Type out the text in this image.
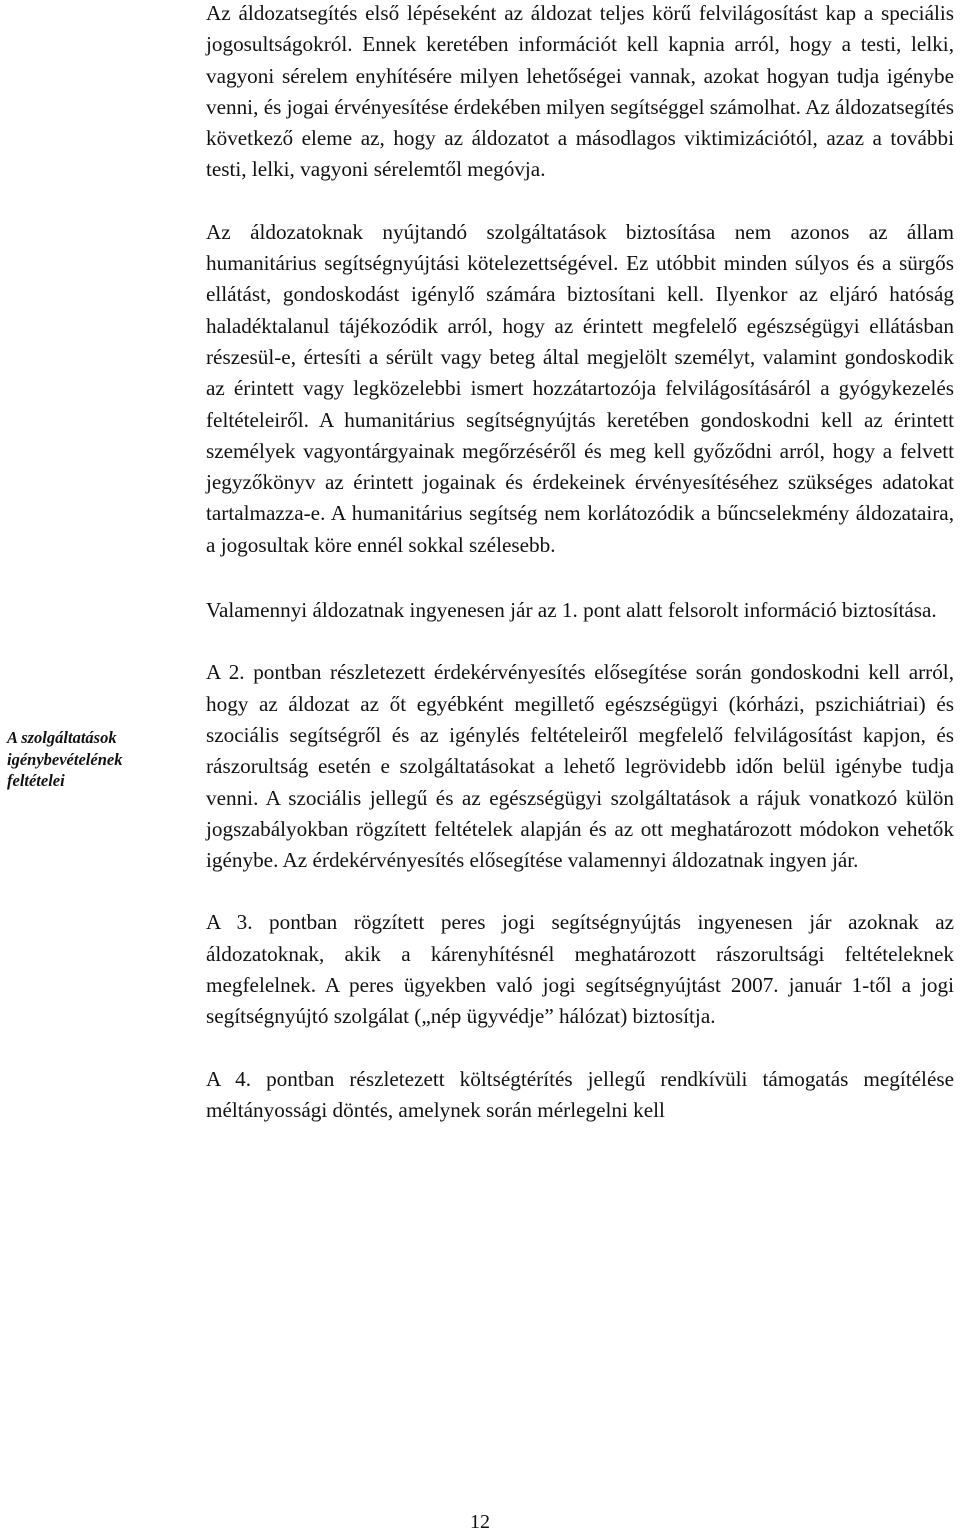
Az áldozatsegítés első lépéseként az áldozat teljes körű felvilágosítást kap a speciális jogosultságokról. Ennek keretében információt kell kapnia arról, hogy a testi, lelki, vagyoni sérelem enyhítésére milyen lehetőségei vannak, azokat hogyan tudja igénybe venni, és jogai érvényesítése érdekében milyen segítséggel számolhat. Az áldozatsegítés következő eleme az, hogy az áldozatot a másodlagos viktimizációtól, azaz a további testi, lelki, vagyoni sérelemtől megóvja.

Az áldozatoknak nyújtandó szolgáltatások biztosítása nem azonos az állam humanitárius segítségnyújtási kötelezettségével. Ez utóbbit minden súlyos és a sürgős ellátást, gondoskodást igénylő számára biztosítani kell. Ilyenkor az eljáró hatóság haladéktalanul tájékozódik arról, hogy az érintett megfelelő egészségügyi ellátásban részesül-e, értesíti a sérült vagy beteg által megjelölt személyt, valamint gondoskodik az érintett vagy legközelebbi ismert hozzátartozója felvilágosításáról a gyógykezelés feltételeiről. A humanitárius segítségnyújtás keretében gondoskodni kell az érintett személyek vagyontárgyainak megőrzéséről és meg kell győződni arról, hogy a felvett jegyzőkönyv az érintett jogainak és érdekeinek érvényesítéséhez szükséges adatokat tartalmazza-e. A humanitárius segítség nem korlátozódik a bűncselekmény áldozataira, a jogosultak köre ennél sokkal szélesebb.

Valamennyi áldozatnak ingyenesen jár az 1. pont alatt felsorolt információ biztosítása.

A 2. pontban részletezett érdekérvényesítés elősegítése során gondoskodni kell arról, hogy az áldozat az őt egyébként megillető egészségügyi (kórházi, pszichiátriai) és szociális segítségről és az igénylés feltételeiről megfelelő felvilágosítást kapjon, és rászorultság esetén e szolgáltatásokat a lehető legrövidebb időn belül igénybe tudja venni. A szociális jellegű és az egészségügyi szolgáltatások a rájuk vonatkozó külön jogszabályokban rögzített feltételek alapján és az ott meghatározott módokon vehetők igénybe. Az érdekérvényesítés elősegítése valamennyi áldozatnak ingyen jár.

A 3. pontban rögzített peres jogi segítségnyújtás ingyenesen jár azoknak az áldozatoknak, akik a kárenyhítésnél meghatározott rászorultsági feltételeknek megfelelnek. A peres ügyekben való jogi segítségnyújtást 2007. január 1-től a jogi segítségnyújtó szolgálat („nép ügyvédje” hálózat) biztosítja.

A 4. pontban részletezett költségtérítés jellegű rendkívüli támogatás megítélése méltányossági döntés, amelynek során mérlegelni kell

A szolgáltatások igénybevételének feltételei

12
